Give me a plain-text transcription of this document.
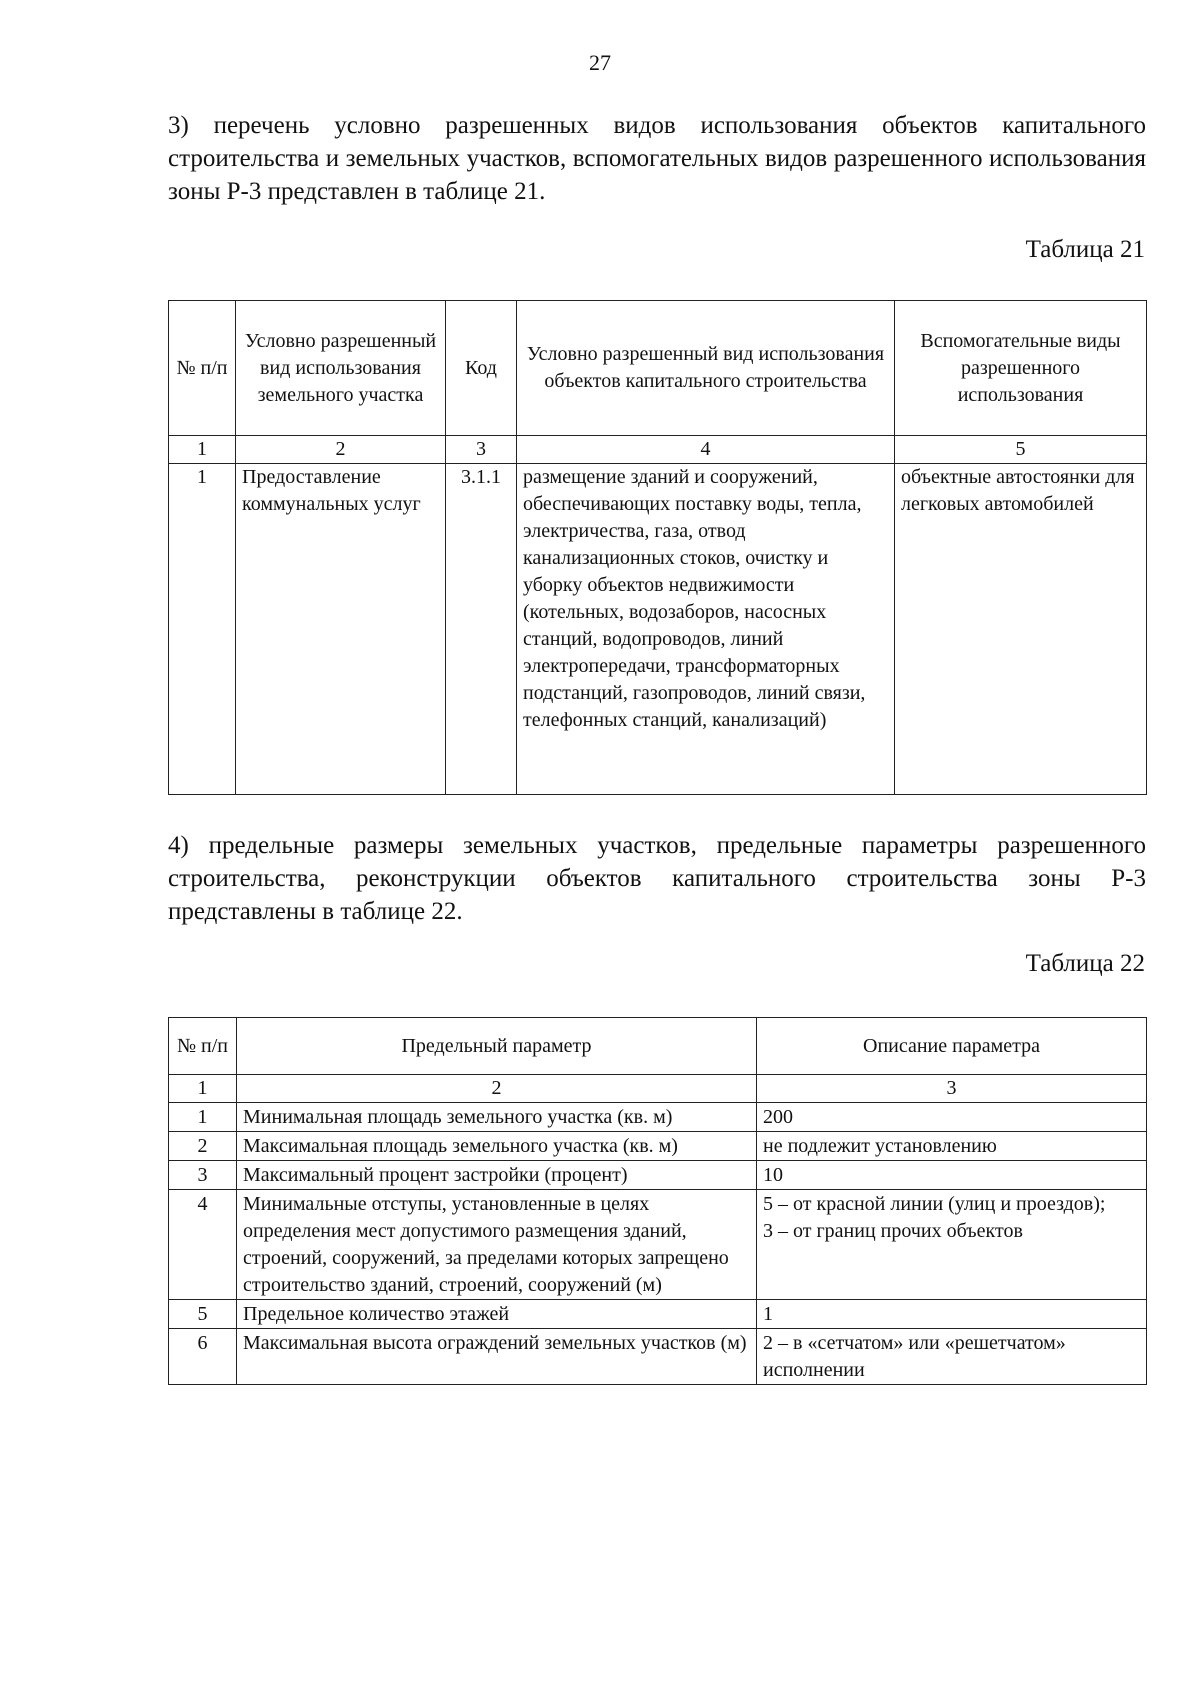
27
3) перечень условно разрешенных видов использования объектов капитального строительства и земельных участков, вспомогательных видов разрешенного использования зоны Р-3 представлен в таблице 21.
Таблица 21
№ п/п	Условно разрешенный вид использования земельного участка	Код	Условно разрешенный вид использования объектов капитального строительства	Вспомогательные виды разрешенного использования
1	2	3	4	5
1	Предоставление коммунальных услуг	3.1.1	размещение зданий и сооружений, обеспечивающих поставку воды, тепла, электричества, газа, отвод канализационных стоков, очистку и уборку объектов недвижимости (котельных, водозаборов, насосных станций, водопроводов, линий электропередачи, трансформаторных подстанций, газопроводов, линий связи, телефонных станций, канализаций)	объектные автостоянки для легковых автомобилей
4) предельные размеры земельных участков, предельные параметры разрешенного строительства, реконструкции объектов капитального строительства зоны Р-3 представлены в таблице 22.
Таблица 22
№ п/п	Предельный параметр	Описание параметра
1	2	3
1	Минимальная площадь земельного участка (кв. м)	200
2	Максимальная площадь земельного участка (кв. м)	не подлежит установлению
3	Максимальный процент застройки (процент)	10
4	Минимальные отступы, установленные в целях определения мест допустимого размещения зданий, строений, сооружений, за пределами которых запрещено строительство зданий, строений, сооружений (м)	5 – от красной линии (улиц и проездов);
3 – от границ прочих объектов

5	Предельное количество этажей	1
6	Максимальная высота ограждений земельных участков (м)	2 – в «сетчатом» или «решетчатом» исполнении
